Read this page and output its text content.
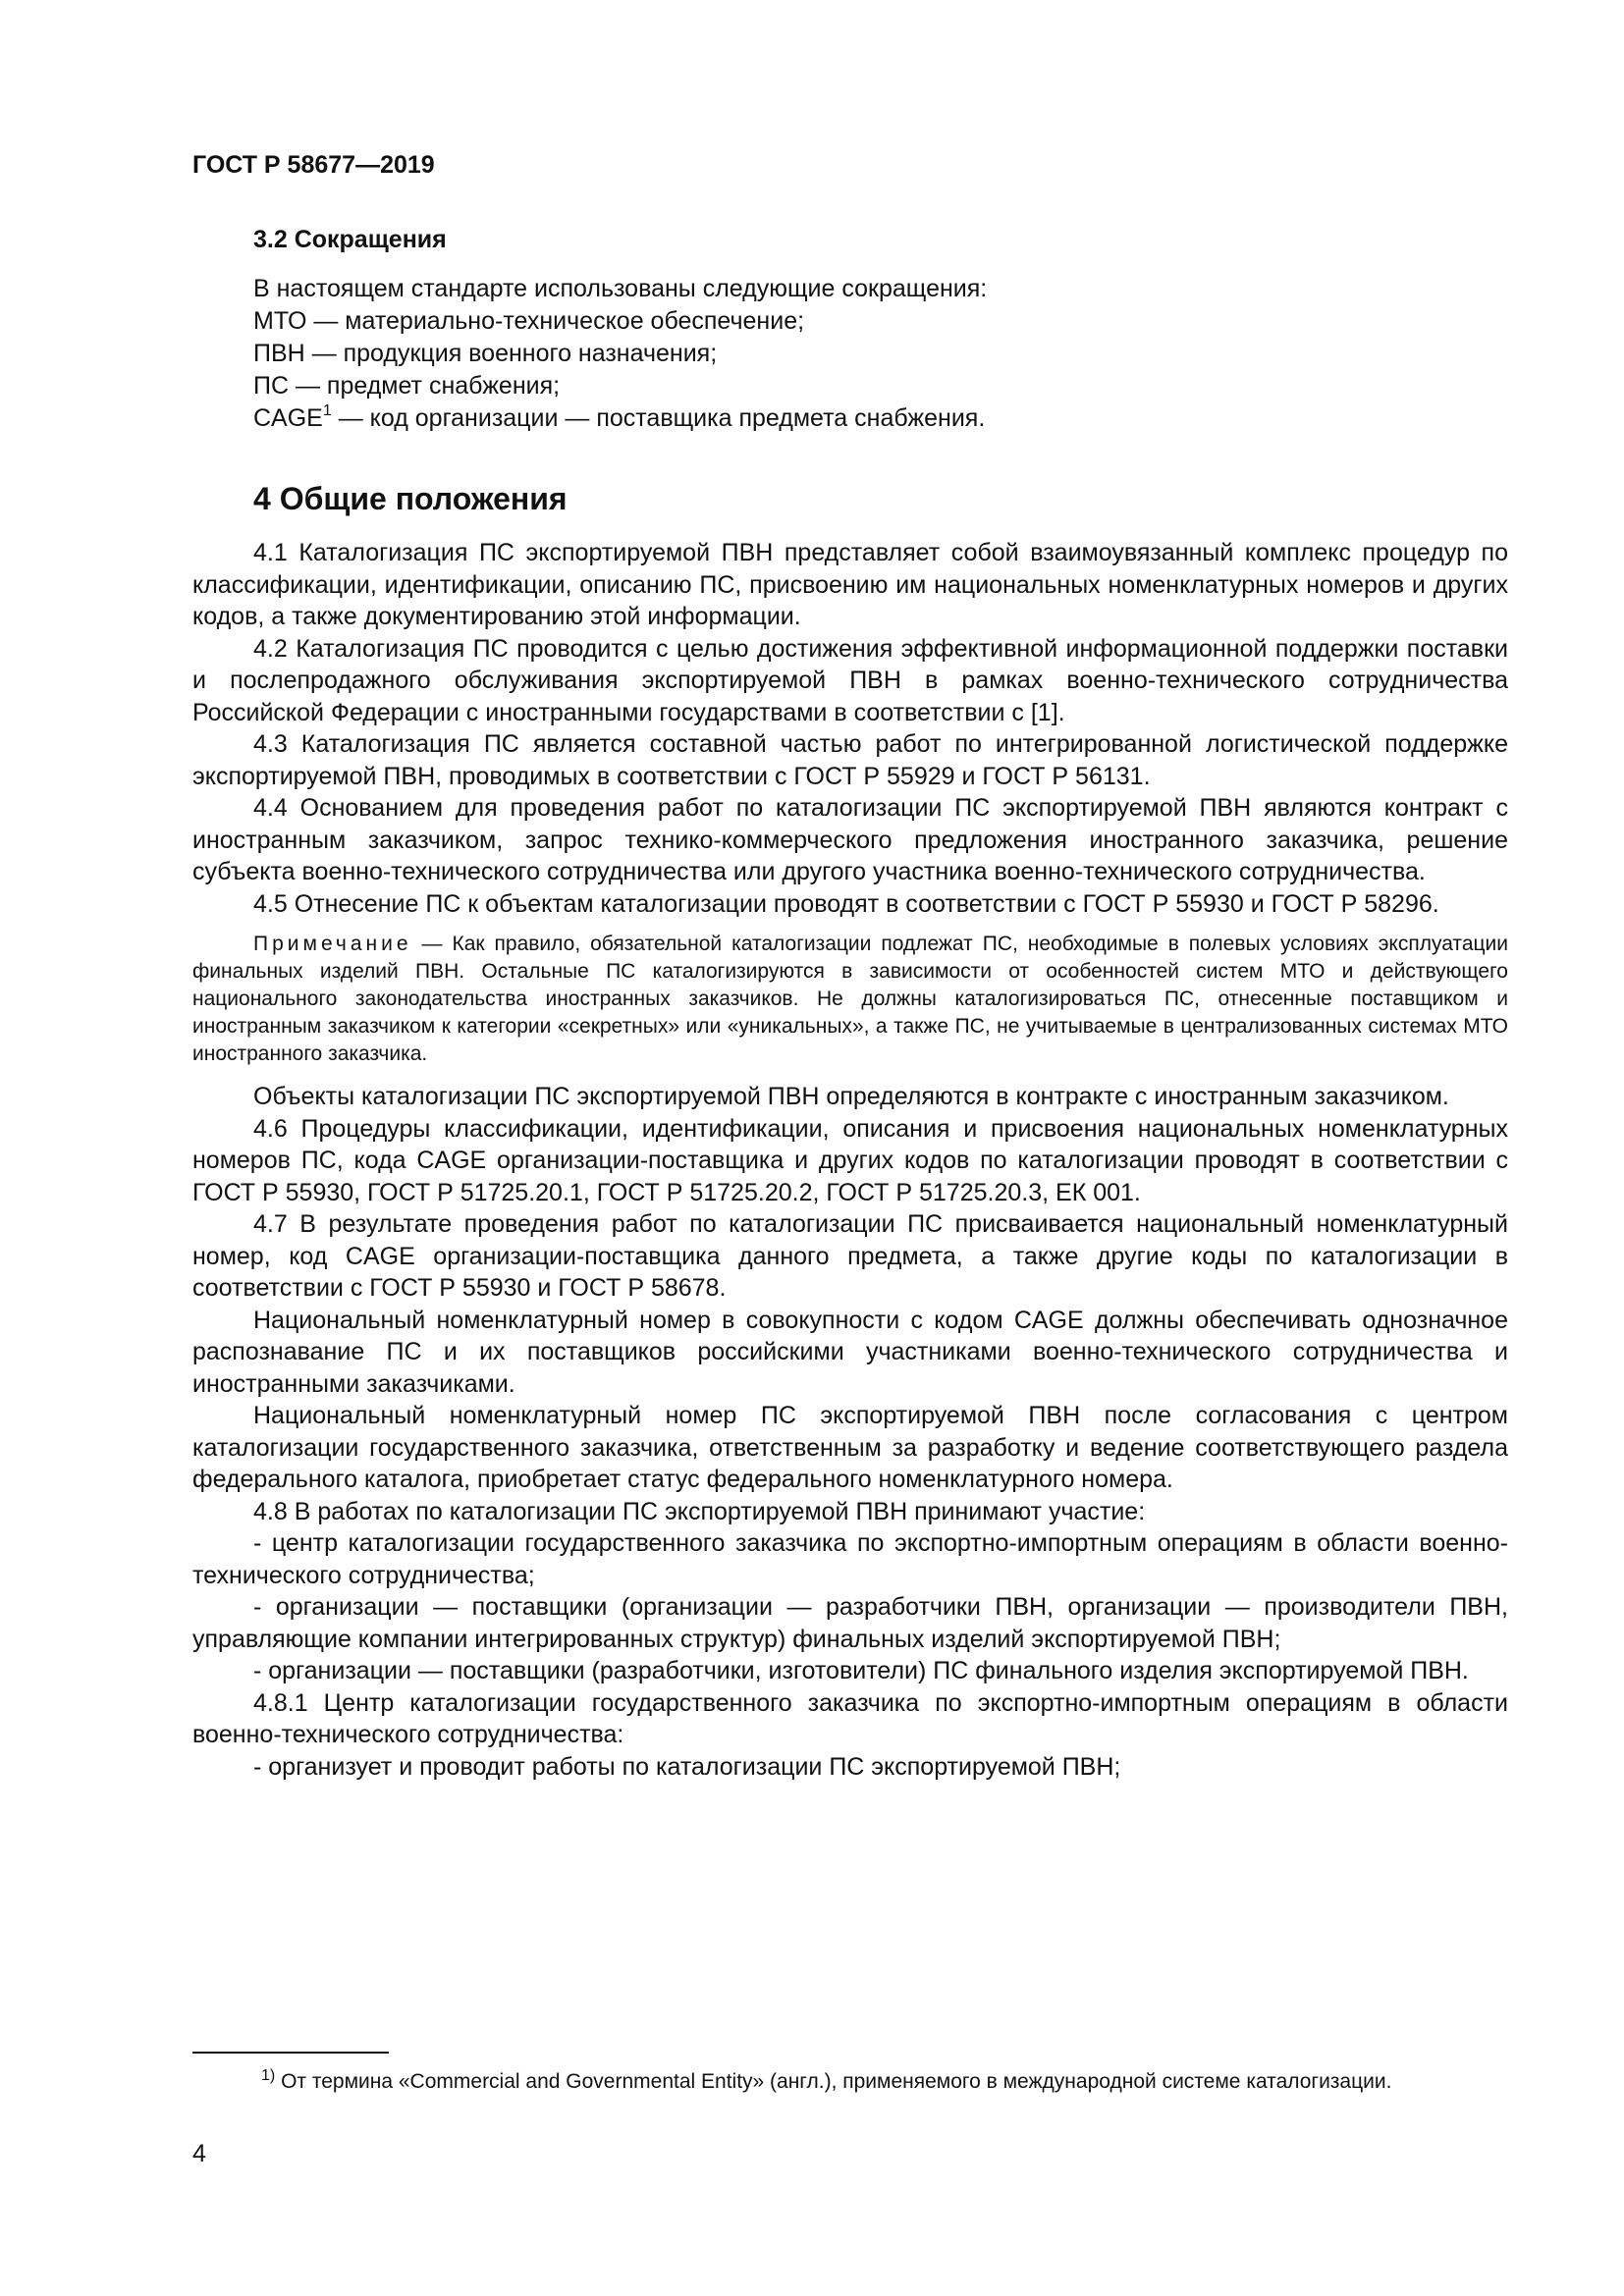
ГОСТ Р 58677—2019
3.2 Сокращения
В настоящем стандарте использованы следующие сокращения:
МТО — материально-техническое обеспечение;
ПВН — продукция военного назначения;
ПС — предмет снабжения;
CAGE$^1$ — код организации — поставщика предмета снабжения.
4 Общие положения

4.1 Каталогизация ПС экспортируемой ПВН представляет собой взаимоувязанный комплекс процедур по классификации, идентификации, описанию ПС, присвоению им национальных номенклатурных номеров и других кодов, а также документированию этой информации.

4.2 Каталогизация ПС проводится с целью достижения эффективной информационной поддержки поставки и послепродажного обслуживания экспортируемой ПВН в рамках военно-технического сотрудничества Российской Федерации с иностранными государствами в соответствии с [1].

4.3 Каталогизация ПС является составной частью работ по интегрированной логистической поддержке экспортируемой ПВН, проводимых в соответствии с ГОСТ Р 55929 и ГОСТ Р 56131.

4.4 Основанием для проведения работ по каталогизации ПС экспортируемой ПВН являются контракт с иностранным заказчиком, запрос технико-коммерческого предложения иностранного заказчика, решение субъекта военно-технического сотрудничества или другого участника военно-технического сотрудничества.

4.5 Отнесение ПС к объектам каталогизации проводят в соответствии с ГОСТ Р 55930 и ГОСТ Р 58296.

Примечание — Как правило, обязательной каталогизации подлежат ПС, необходимые в полевых условиях эксплуатации финальных изделий ПВН. Остальные ПС каталогизируются в зависимости от особенностей систем МТО и действующего национального законодательства иностранных заказчиков. Не должны каталогизироваться ПС, отнесенные поставщиком и иностранным заказчиком к категории «секретных» или «уникальных», а также ПС, не учитываемые в централизованных системах МТО иностранного заказчика.

Объекты каталогизации ПС экспортируемой ПВН определяются в контракте с иностранным заказчиком.

4.6 Процедуры классификации, идентификации, описания и присвоения национальных номенклатурных номеров ПС, кода CAGE организации-поставщика и других кодов по каталогизации проводят в соответствии с ГОСТ Р 55930, ГОСТ Р 51725.20.1, ГОСТ Р 51725.20.2, ГОСТ Р 51725.20.3, ЕК 001.

4.7 В результате проведения работ по каталогизации ПС присваивается национальный номенклатурный номер, код CAGE организации-поставщика данного предмета, а также другие коды по каталогизации в соответствии с ГОСТ Р 55930 и ГОСТ Р 58678.

Национальный номенклатурный номер в совокупности с кодом CAGE должны обеспечивать однозначное распознавание ПС и их поставщиков российскими участниками военно-технического сотрудничества и иностранными заказчиками.

Национальный номенклатурный номер ПС экспортируемой ПВН после согласования с центром каталогизации государственного заказчика, ответственным за разработку и ведение соответствующего раздела федерального каталога, приобретает статус федерального номенклатурного номера.

4.8 В работах по каталогизации ПС экспортируемой ПВН принимают участие:

- центр каталогизации государственного заказчика по экспортно-импортным операциям в области военно-технического сотрудничества;

- организации — поставщики (организации — разработчики ПВН, организации — производители ПВН, управляющие компании интегрированных структур) финальных изделий экспортируемой ПВН;

- организации — поставщики (разработчики, изготовители) ПС финального изделия экспортируемой ПВН.

4.8.1 Центр каталогизации государственного заказчика по экспортно-импортным операциям в области военно-технического сотрудничества:

- организует и проводит работы по каталогизации ПС экспортируемой ПВН;

$^{1)}$ От термина «Commercial and Governmental Entity» (англ.), применяемого в международной системе каталогизации.
4
